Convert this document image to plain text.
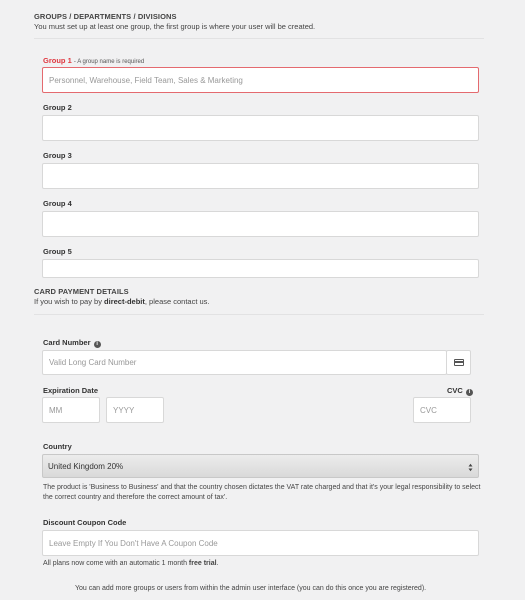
GROUPS / DEPARTMENTS / DIVISIONS
You must set up at least one group, the first group is where your user will be created.
Group 1 - A group name is required
Personnel, Warehouse, Field Team, Sales & Marketing
Group 2
Group 3
Group 4
Group 5
CARD PAYMENT DETAILS
If you wish to pay by direct-debit, please contact us.
Card Number i
Valid Long Card Number
Expiration Date	CVC i
MM	YYYY	CVC
Country
United Kingdom 20%
The product is 'Business to Business' and that the country chosen dictates the VAT rate charged and that it's your legal responsibility to select the correct country and therefore the correct amount of tax'.
Discount Coupon Code
Leave Empty If You Don't Have A Coupon Code
All plans now come with an automatic 1 month free trial.
You can add more groups or users from within the admin user interface (you can do this once you are registered).
